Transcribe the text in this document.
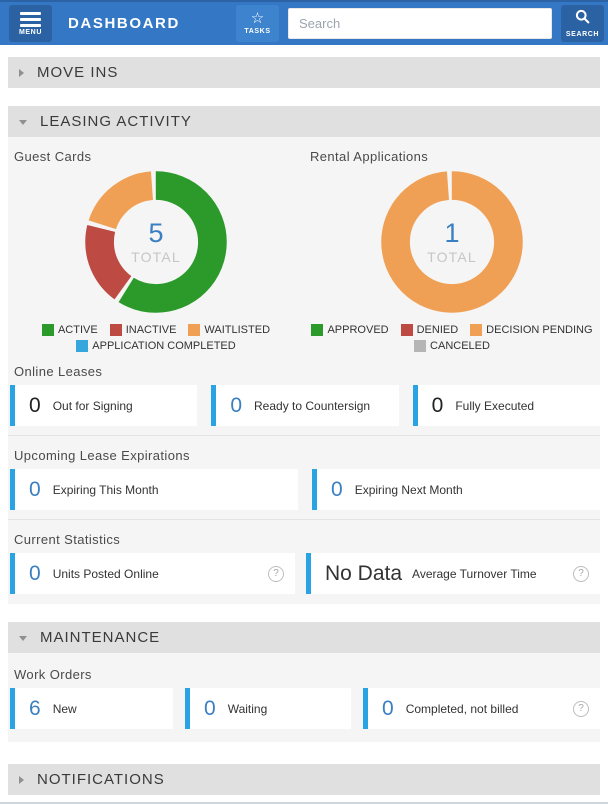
MENU DASHBOARD	☆
TASKS
Search	SEARCH
MOVE INS
LEASING ACTIVITY
Guest Cards
5
TOTAL
ACTIVE	INACTIVE	WAITLISTED
APPLICATION COMPLETED
Rental Applications
1
TOTAL
APPROVED	DENIED	DECISION PENDING
CANCELED
Online Leases
0 Out for Signing	0 Ready to Countersign	0 Fully Executed
Upcoming Lease Expirations
0 Expiring This Month	0 Expiring Next Month
Current Statistics
0 Units Posted Online	? No Data Average Turnover Time	?
MAINTENANCE
Work Orders
6 New	0 Waiting	0 Completed, not billed	?
NOTIFICATIONS
